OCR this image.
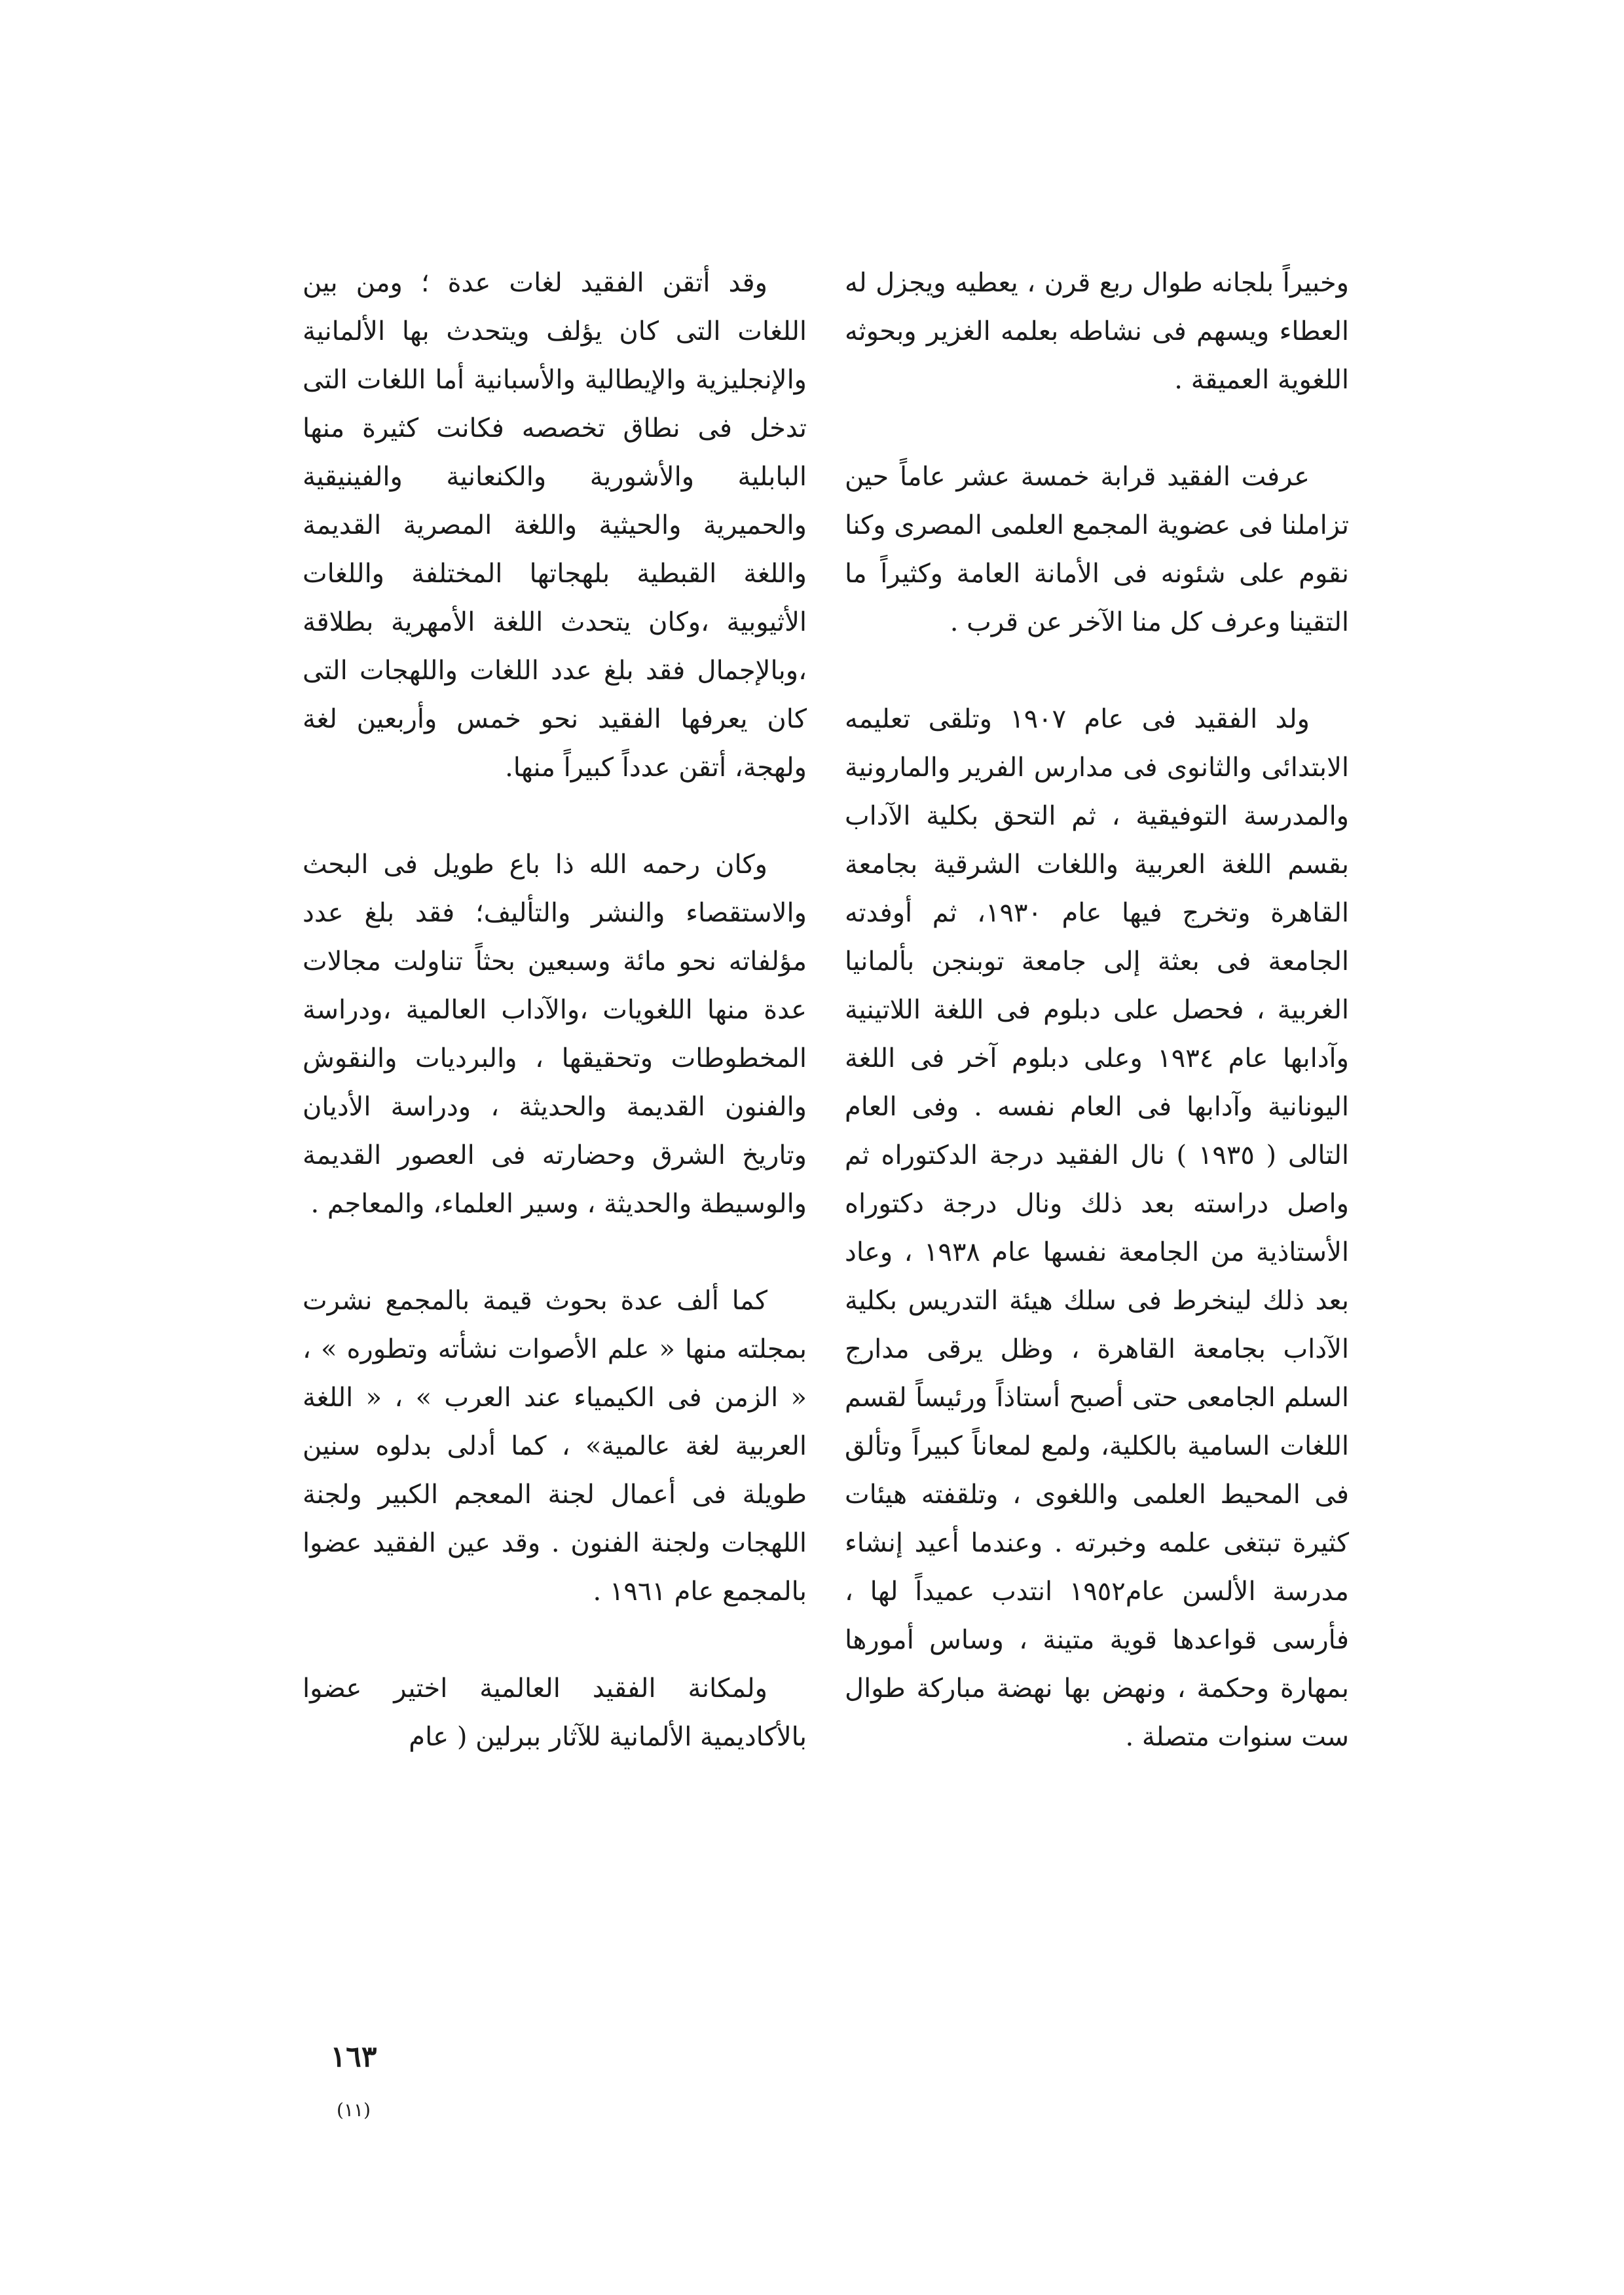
وخبيراً بلجانه طوال ربع قرن ، يعطيه ويجزل له العطاء ويسهم فى نشاطه بعلمه الغزير وبحوثه اللغوية العميقة .

عرفت الفقيد قرابة خمسة عشر عاماً حين تزاملنا فى عضوية المجمع العلمى المصرى وكنا نقوم على شئونه فى الأمانة العامة وكثيراً ما التقينا وعرف كل منا الآخر عن قرب .

ولد الفقيد فى عام ١٩٠٧ وتلقى تعليمه الابتدائى والثانوى فى مدارس الفرير والمارونية والمدرسة التوفيقية ، ثم التحق بكلية الآداب بقسم اللغة العربية واللغات الشرقية بجامعة القاهرة وتخرج فيها عام ١٩٣٠، ثم أوفدته الجامعة فى بعثة إلى جامعة توبنجن بألمانيا الغربية ، فحصل على دبلوم فى اللغة اللاتينية وآدابها عام ١٩٣٤ وعلى دبلوم آخر فى اللغة اليونانية وآدابها فى العام نفسه . وفى العام التالى ( ١٩٣٥ ) نال الفقيد درجة الدكتوراه ثم واصل دراسته بعد ذلك ونال درجة دكتوراه الأستاذية من الجامعة نفسها عام ١٩٣٨ ، وعاد بعد ذلك لينخرط فى سلك هيئة التدريس بكلية الآداب بجامعة القاهرة ، وظل يرقى مدارج السلم الجامعى حتى أصبح أستاذاً ورئيساً لقسم اللغات السامية بالكلية، ولمع لمعاناً كبيراً وتألق فى المحيط العلمى واللغوى ، وتلقفته هيئات كثيرة تبتغى علمه وخبرته . وعندما أعيد إنشاء مدرسة الألسن عام١٩٥٢ انتدب عميداً لها ، فأرسى قواعدها قوية متينة ، وساس أمورها بمهارة وحكمة ، ونهض بها نهضة مباركة طوال ست سنوات متصلة .

وقد أتقن الفقيد لغات عدة ؛ ومن بين اللغات التى كان يؤلف ويتحدث بها الألمانية والإنجليزية والإيطالية والأسبانية أما اللغات التى تدخل فى نطاق تخصصه فكانت كثيرة منها البابلية والأشورية والكنعانية والفينيقية والحميرية والحيثية واللغة المصرية القديمة واللغة القبطية بلهجاتها المختلفة واللغات الأثيوبية ،وكان يتحدث اللغة الأمهرية بطلاقة ،وبالإجمال فقد بلغ عدد اللغات واللهجات التى كان يعرفها الفقيد نحو خمس وأربعين لغة ولهجة، أتقن عدداً كبيراً منها.

وكان رحمه الله ذا باع طويل فى البحث والاستقصاء والنشر والتأليف؛ فقد بلغ عدد مؤلفاته نحو مائة وسبعين بحثاً تناولت مجالات عدة منها اللغويات ،والآداب العالمية ،ودراسة المخطوطات وتحقيقها ، والبرديات والنقوش والفنون القديمة والحديثة ، ودراسة الأديان وتاريخ الشرق وحضارته فى العصور القديمة والوسيطة والحديثة ، وسير العلماء، والمعاجم .

كما ألف عدة بحوث قيمة بالمجمع نشرت بمجلته منها « علم الأصوات نشأته وتطوره » ، « الزمن فى الكيمياء عند العرب » ، « اللغة العربية لغة عالمية» ، كما أدلى بدلوه سنين طويلة فى أعمال لجنة المعجم الكبير ولجنة اللهجات ولجنة الفنون . وقد عين الفقيد عضوا بالمجمع عام ١٩٦١ .

ولمكانة الفقيد العالمية اختير عضوا بالأكاديمية الألمانية للآثار ببرلين ( عام

١٦٣
(١١)
